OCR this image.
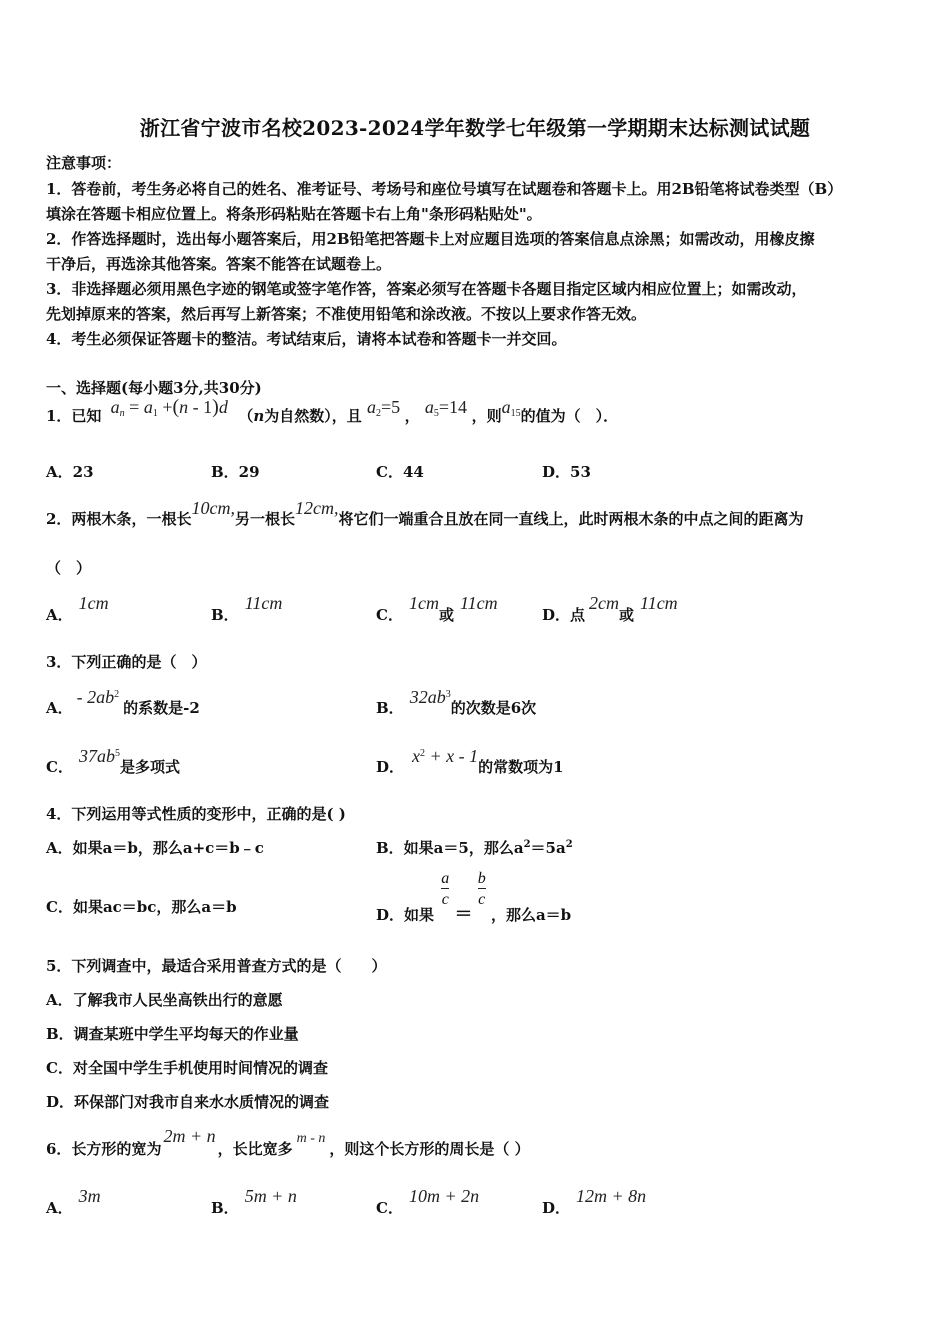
浙江省宁波市名校2023-2024学年数学七年级第一学期期末达标测试试题
注意事项：
1．答卷前，考生务必将自己的姓名、准考证号、考场号和座位号填写在试题卷和答题卡上。用2B铅笔将试卷类型（B）
填涂在答题卡相应位置上。将条形码粘贴在答题卡右上角"条形码粘贴处"。
2．作答选择题时，选出每小题答案后，用2B铅笔把答题卡上对应题目选项的答案信息点涂黑；如需改动，用橡皮擦
干净后，再选涂其他答案。答案不能答在试题卷上。
3．非选择题必须用黑色字迹的钢笔或签字笔作答，答案必须写在答题卡各题目指定区域内相应位置上；如需改动，
先划掉原来的答案，然后再写上新答案；不准使用铅笔和涂改液。不按以上要求作答无效。
4．考生必须保证答题卡的整洁。考试结束后，请将本试卷和答题卡一并交回。
一、选择题(每小题3分,共30分)
1．已知 $a_n = a_1 +(n - 1)d$ （n为自然数），且 $a_2=5$ ， $a_5=14$ ，则$a_{15}$的值为（　）．
A．23	B．29	C．44	D．53
2．两根木条，一根长10cm,另一根长12cm,将它们一端重合且放在同一直线上，此时两根木条的中点之间的距离为
（　）
A．1cm
B．11cm
C．1cm或11cm
D．点2cm或11cm
3．下列正确的是（　）
A．- $2ab^2$的系数是-2	B．$32ab^3$的次数是6次
C．$37ab^5$是多项式	D．$x^2 + x - 1$的常数项为1
4．下列运用等式性质的变形中，正确的是( )
A．如果a＝b，那么a+c＝b﹣c	B．如果a＝5，那么$a^2=5a^2$
C．如果ac＝bc，那么a＝b	D．如果
$\frac{a}{c}$
＝
$\frac{b}{c}$
，那么a＝b
5．下列调查中，最适合采用普查方式的是（　　）
A．了解我市人民坐高铁出行的意愿
B．调查某班中学生平均每天的作业量
C．对全国中学生手机使用时间情况的调查
D．环保部门对我市自来水水质情况的调查
6．长方形的宽为2m + n，长比宽多m - n，则这个长方形的周长是（ ）
A．3m
B．5m + n
C．10m + 2n
D．12m + 8n
